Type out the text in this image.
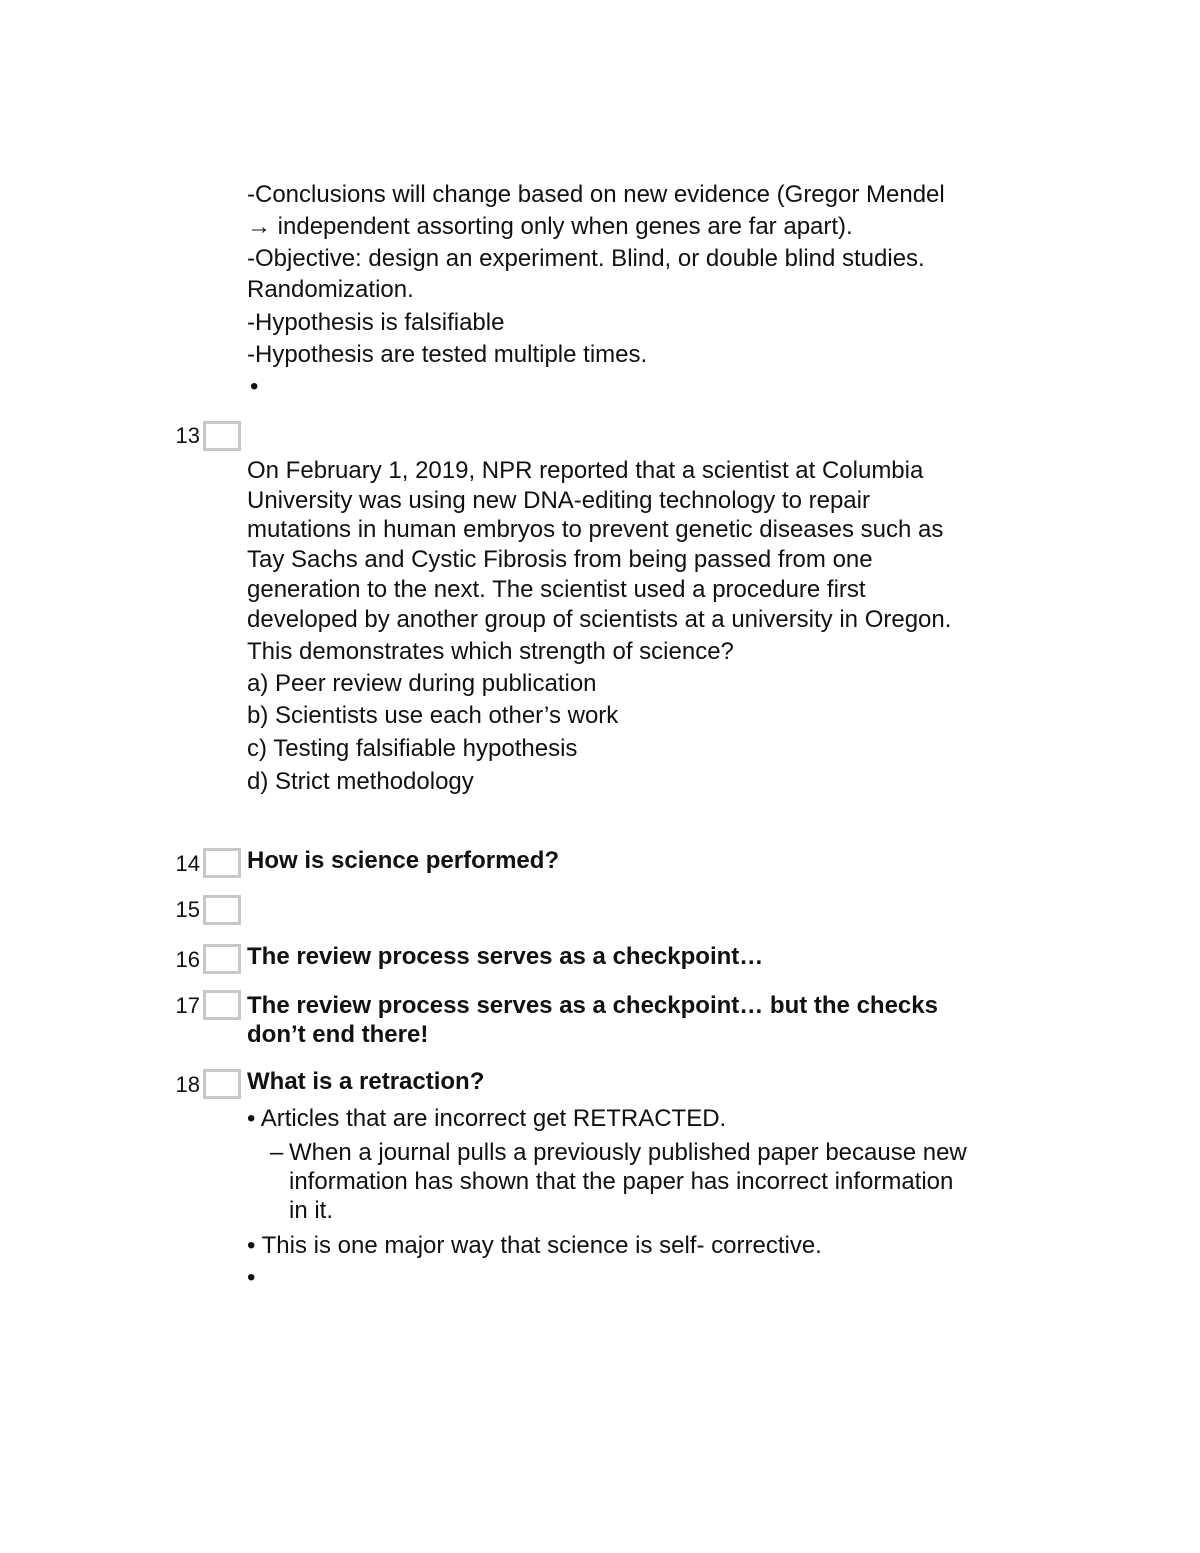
-Conclusions will change based on new evidence (Gregor Mendel
→ independent assorting only when genes are far apart).
-Objective: design an experiment. Blind, or double blind studies.
Randomization.
-Hypothesis is falsifiable
-Hypothesis are tested multiple times.
•
13
On February 1, 2019, NPR reported that a scientist at Columbia
University was using new DNA-editing technology to repair
mutations in human embryos to prevent genetic diseases such as
Tay Sachs and Cystic Fibrosis from being passed from one
generation to the next. The scientist used a procedure first
developed by another group of scientists at a university in Oregon.
This demonstrates which strength of science?
a) Peer review during publication
b) Scientists use each other’s work
c) Testing falsifiable hypothesis
d) Strict methodology
14 How is science performed?
15
16 The review process serves as a checkpoint…
17 The review process serves as a checkpoint… but the checks
don’t end there!
18 What is a retraction?
• Articles that are incorrect get RETRACTED.
– When a journal pulls a previously published paper because new
information has shown that the paper has incorrect information
in it.
• This is one major way that science is self- corrective.
•
